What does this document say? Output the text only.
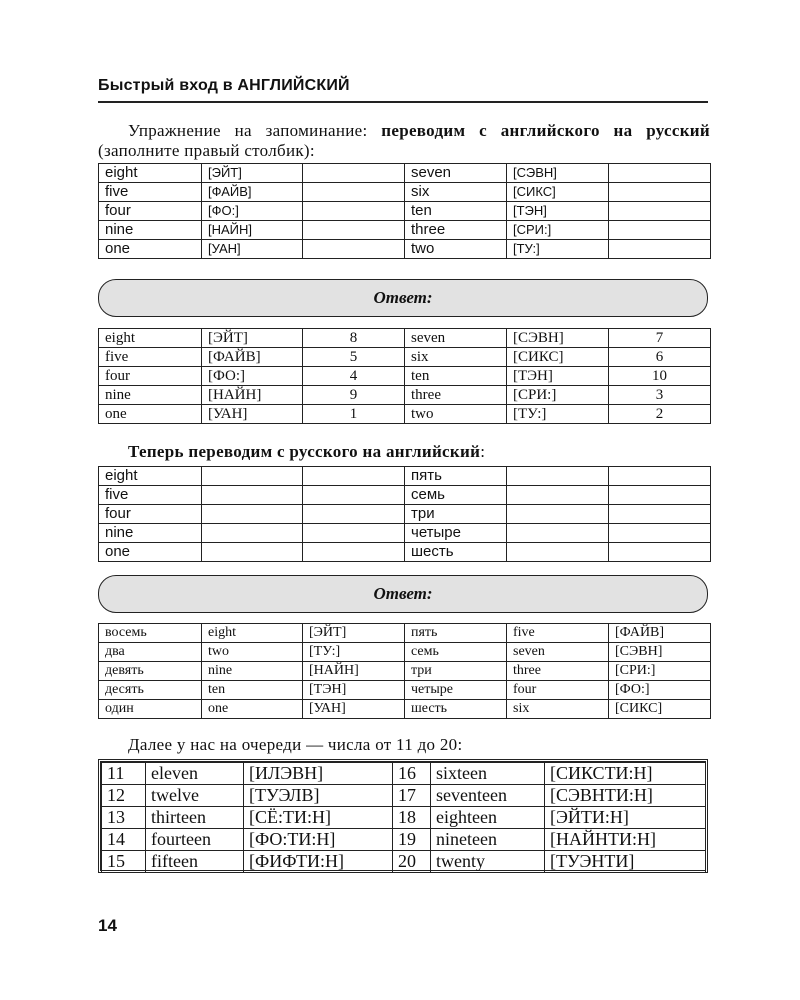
Быстрый вход в АНГЛИЙСКИЙ
Упражнение на запоминание: переводим с английского на русский (заполните правый столбик):
eight	[ЭЙТ]		seven	[СЭВН]	
five	[ФАЙВ]		six	[СИКС]	
four	[ФО:]		ten	[ТЭН]	
nine	[НАЙН]		three	[СРИ:]	
one	[УАН]		two	[ТУ:]	
Ответ:
eight	[ЭЙТ]	8	seven	[СЭВН]	7
five	[ФАЙВ]	5	six	[СИКС]	6
four	[ФО:]	4	ten	[ТЭН]	10
nine	[НАЙН]	9	three	[СРИ:]	3
one	[УАН]	1	two	[ТУ:]	2
Теперь переводим с русского на английский:
eight			пять		
five			семь		
four			три		
nine			четыре		
one			шесть		
Ответ:
восемь	eight	[ЭЙТ]	пять	five	[ФАЙВ]
два	two	[ТУ:]	семь	seven	[СЭВН]
девять	nine	[НАЙН]	три	three	[СРИ:]
десять	ten	[ТЭН]	четыре	four	[ФО:]
один	one	[УАН]	шесть	six	[СИКС]
Далее у нас на очереди — числа от 11 до 20:
11	eleven	[ИЛЭВН]	16	sixteen	[СИКСТИ:Н]
12	twelve	[ТУЭЛВ]	17	seventeen	[СЭВНТИ:Н]
13	thirteen	[СЁ:ТИ:Н]	18	eighteen	[ЭЙТИ:Н]
14	fourteen	[ФО:ТИ:Н]	19	nineteen	[НАЙНТИ:Н]
15	fifteen	[ФИФТИ:Н]	20	twenty	[ТУЭНТИ]
14
